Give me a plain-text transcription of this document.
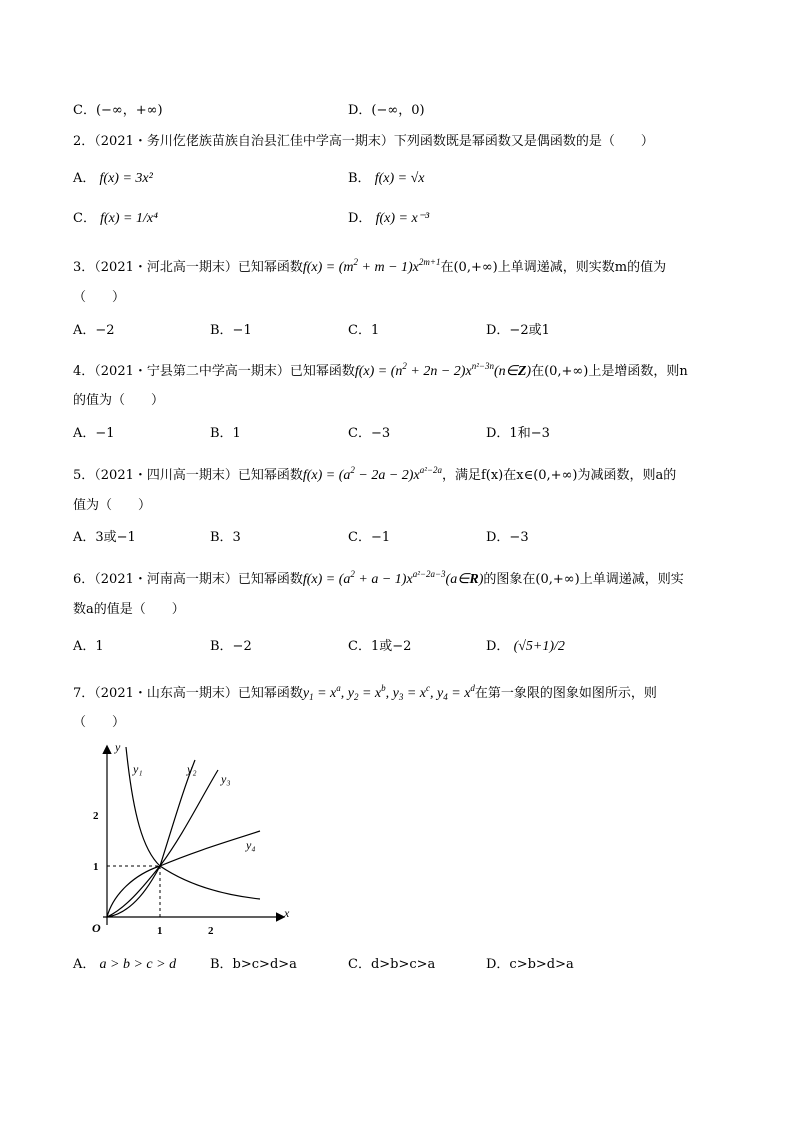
C．(−∞，+∞)	D．(−∞，0)
2．（2021・务川仡佬族苗族自治县汇佳中学高一期末）下列函数既是幂函数又是偶函数的是（　　）
A． f(x) = 3x²	B． f(x) = √x
C． f(x) = 1/x⁴	D． f(x) = x⁻³
3．（2021・河北高一期末）已知幂函数$f(x) = (m^2 + m - 1)x^{2m+1}$在(0,+∞)上单调递减，则实数m的值为
（　　）
A．−2	B．−1	C．1	D．−2或1
4．（2021・宁县第二中学高一期末）已知幂函数$f(x) = (n^2 + 2n$ − $2)x^{n^2-3n}(n\in Z)$在(0,+∞)上是增函数，则n
的值为（　　）
A．−1	B．1	C．−3	D．1和−3
5．（2021・四川高一期末）已知幂函数$f(x) = (a^2 - 2a - 2)x^{a^2-2a}$，满足f(x)在x∈(0,+∞)为减函数，则a的
值为（　　）
A．3或−1	B．3	C．−1	D．−3
6．（2021・河南高一期末）已知幂函数$f(x) = (a^2 + a$ − $1)x^{a^2-2a-3}(a\in R)$的图象在(0,+∞)上单调递减，则实
数a的值是（　　）
A．1	B．−2	C．1或−2	D． (√5+1)/2
7．（2021・山东高一期末）已知幂函数$y_1 = x^a$, $y_2 = x^b$, $y_3 = x^c$, $y_4 = x^d$在第一象限的图象如图所示，则
（　　）
y
x
O	1	2
1
2
y₁	y₂
y₃
y₄
A． a > b > c > d	B．b>c>d>a	C．d>b>c>a	D．c>b>d>a
